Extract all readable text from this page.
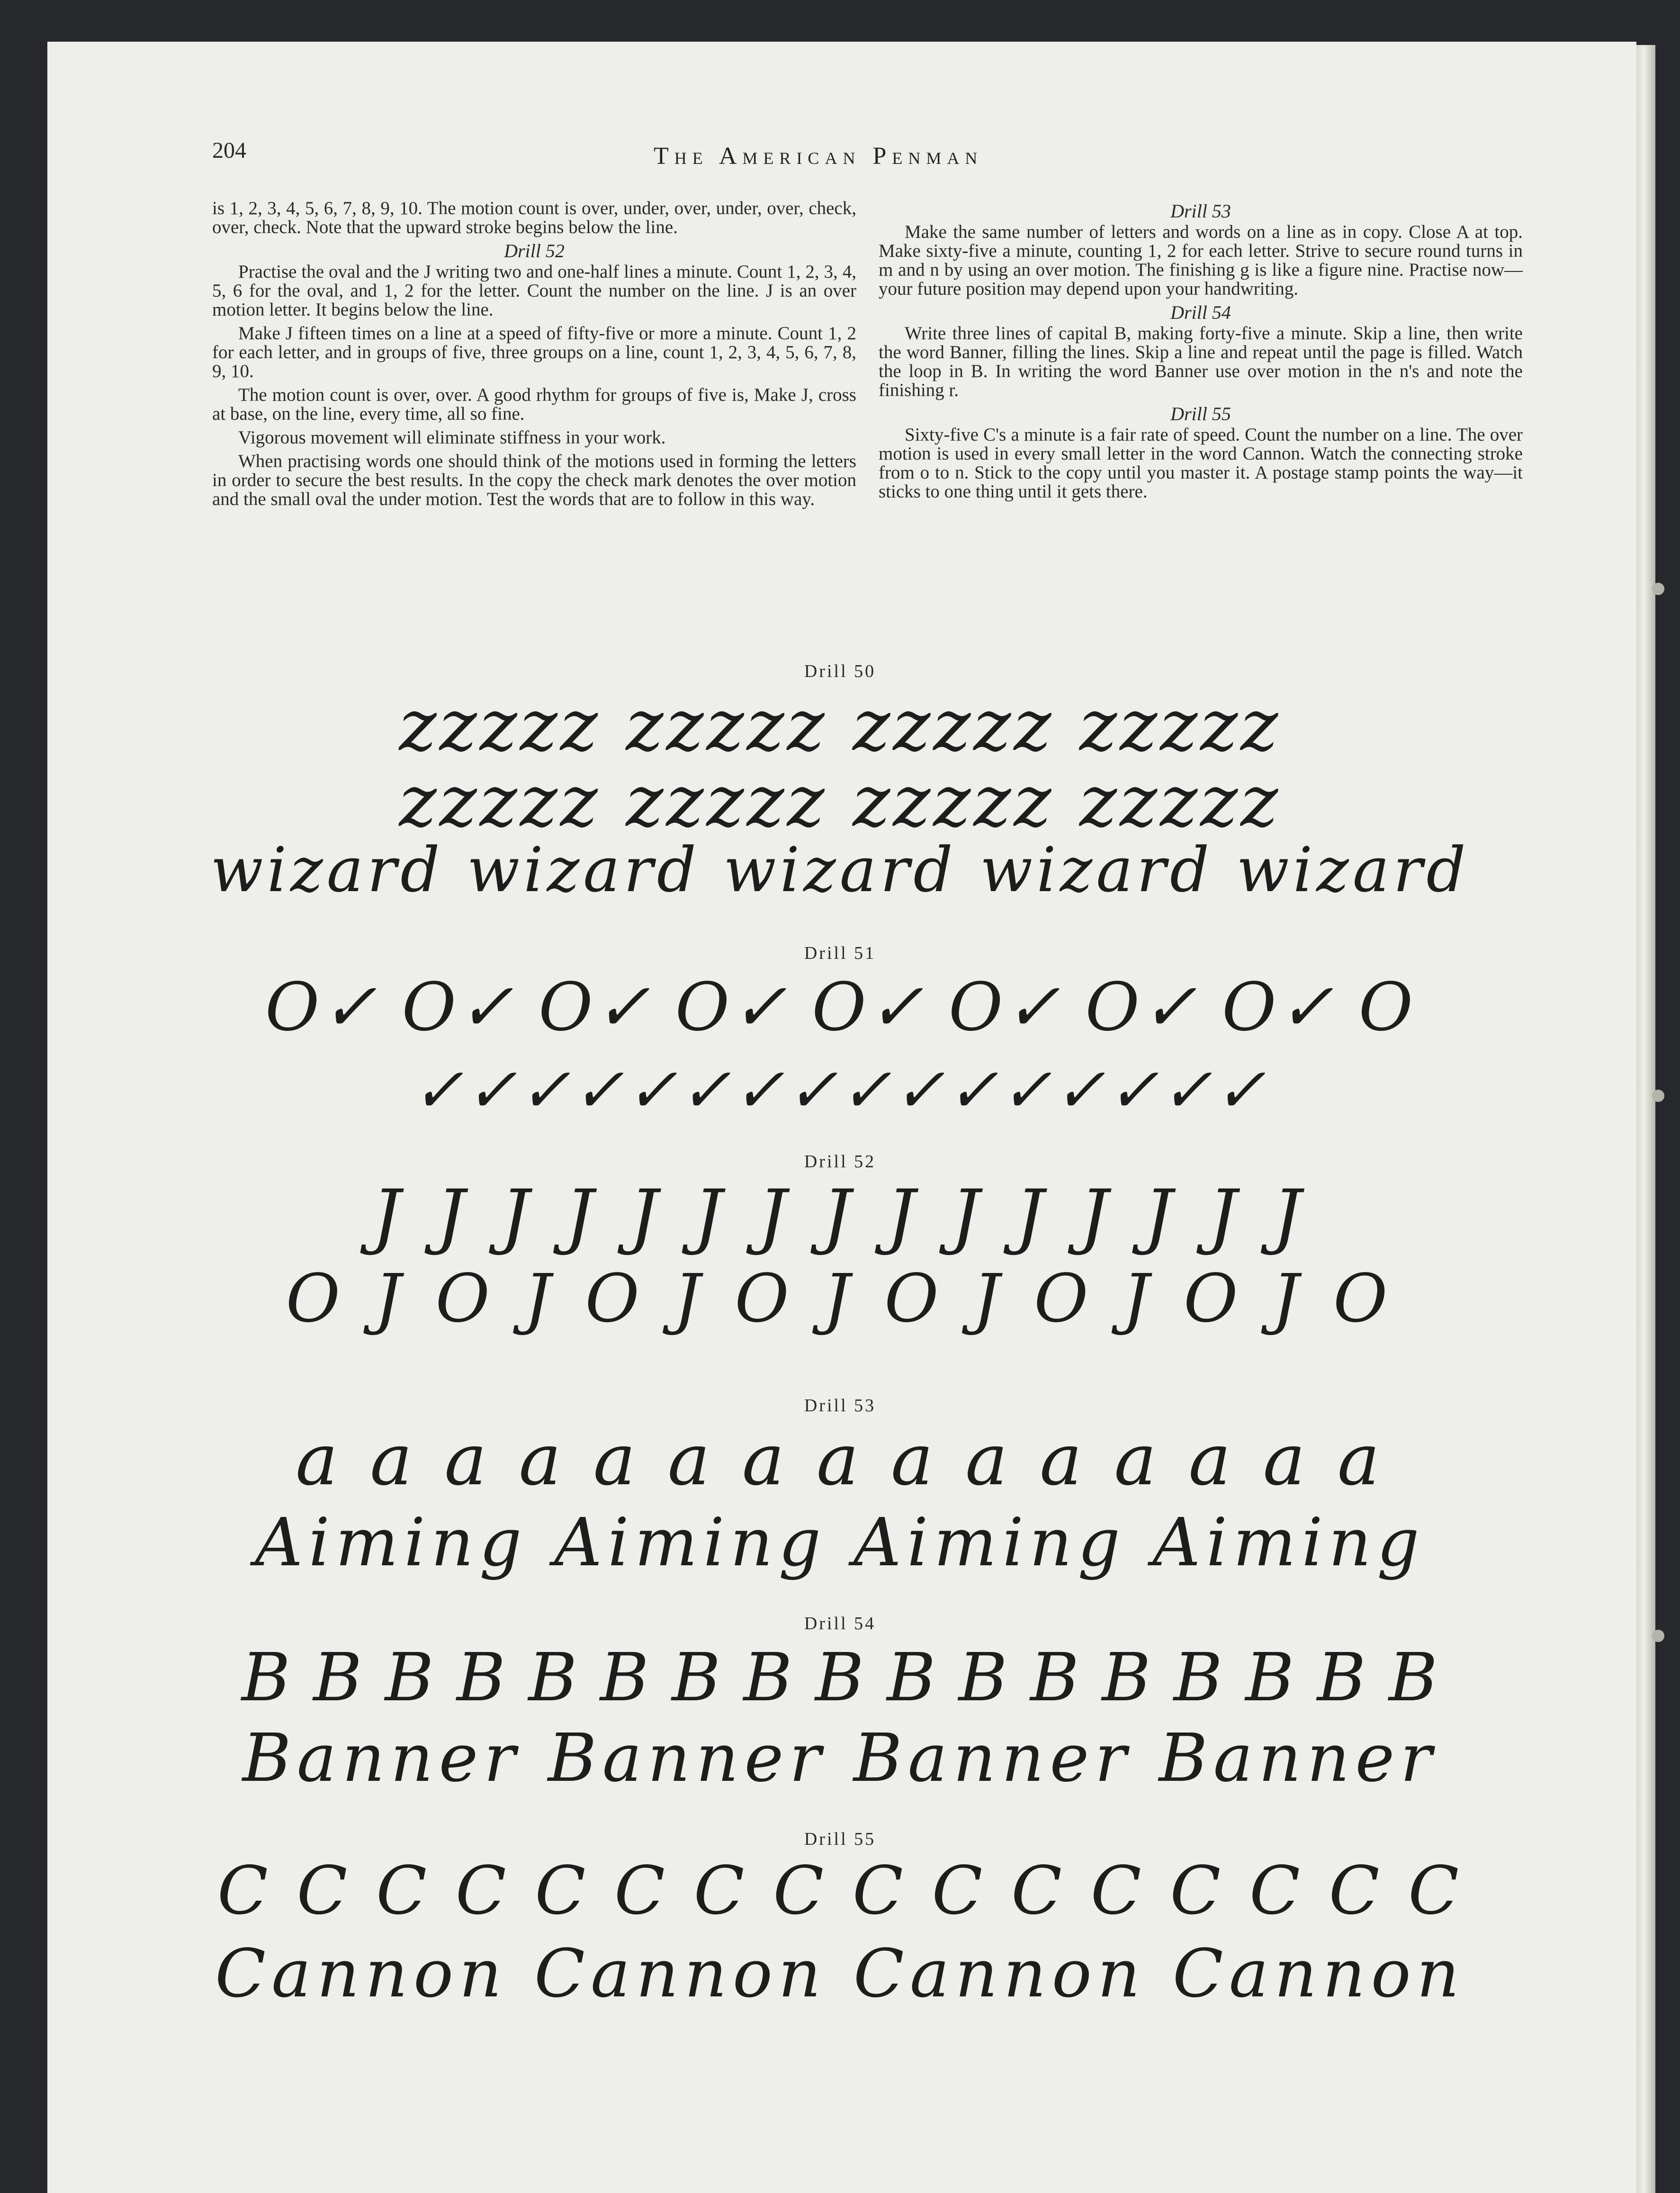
204	The American Penman

is 1, 2, 3, 4, 5, 6, 7, 8, 9, 10. The motion count is over, under, over, under, over, check, over, check. Note that the upward stroke begins below the line.

Drill 52

Practise the oval and the J writing two and one-half lines a minute. Count 1, 2, 3, 4, 5, 6 for the oval, and 1, 2 for the letter. Count the number on the line. J is an over motion letter. It begins below the line.

Make J fifteen times on a line at a speed of fifty-five or more a minute. Count 1, 2 for each letter, and in groups of five, three groups on a line, count 1, 2, 3, 4, 5, 6, 7, 8, 9, 10.

The motion count is over, over. A good rhythm for groups of five is, Make J, cross at base, on the line, every time, all so fine.

Vigorous movement will eliminate stiffness in your work.

When practising words one should think of the motions used in forming the letters in order to secure the best results. In the copy the check mark denotes the over motion and the small oval the under motion. Test the words that are to follow in this way.

Drill 53

Make the same number of letters and words on a line as in copy. Close A at top. Make sixty-five a minute, counting 1, 2 for each letter. Strive to secure round turns in m and n by using an over motion. The finishing g is like a figure nine. Practise now—your future position may depend upon your handwriting.

Drill 54

Write three lines of capital B, making forty-five a minute. Skip a line, then write the word Banner, filling the lines. Skip a line and repeat until the page is filled. Watch the loop in B. In writing the word Banner use over motion in the n's and note the finishing r.

Drill 55

Sixty-five C's a minute is a fair rate of speed. Count the number on a line. The over motion is used in every small letter in the word Cannon. Watch the connecting stroke from o to n. Stick to the copy until you master it. A postage stamp points the way—it sticks to one thing until it gets there.

Drill 50
zzzzz zzzzz zzzzz zzzzz
zzzzz zzzzz zzzzz zzzzz
wizard wizard wizard wizard wizard
Drill 51
O✓ O✓ O✓ O✓ O✓ O✓ O✓ O✓ O
✓✓✓✓✓✓✓✓✓✓✓✓✓✓✓✓
Drill 52
J J J J J J J J J J J J J J J
O J O J O J O J O J O J O J O
Drill 53
a a a a a a a a a a a a a a a
Aiming Aiming Aiming Aiming
Drill 54
B B B B B B B B B B B B B B B B B
Banner Banner Banner Banner
Drill 55
C C C C C C C C C C C C C C C C
Cannon Cannon Cannon Cannon
